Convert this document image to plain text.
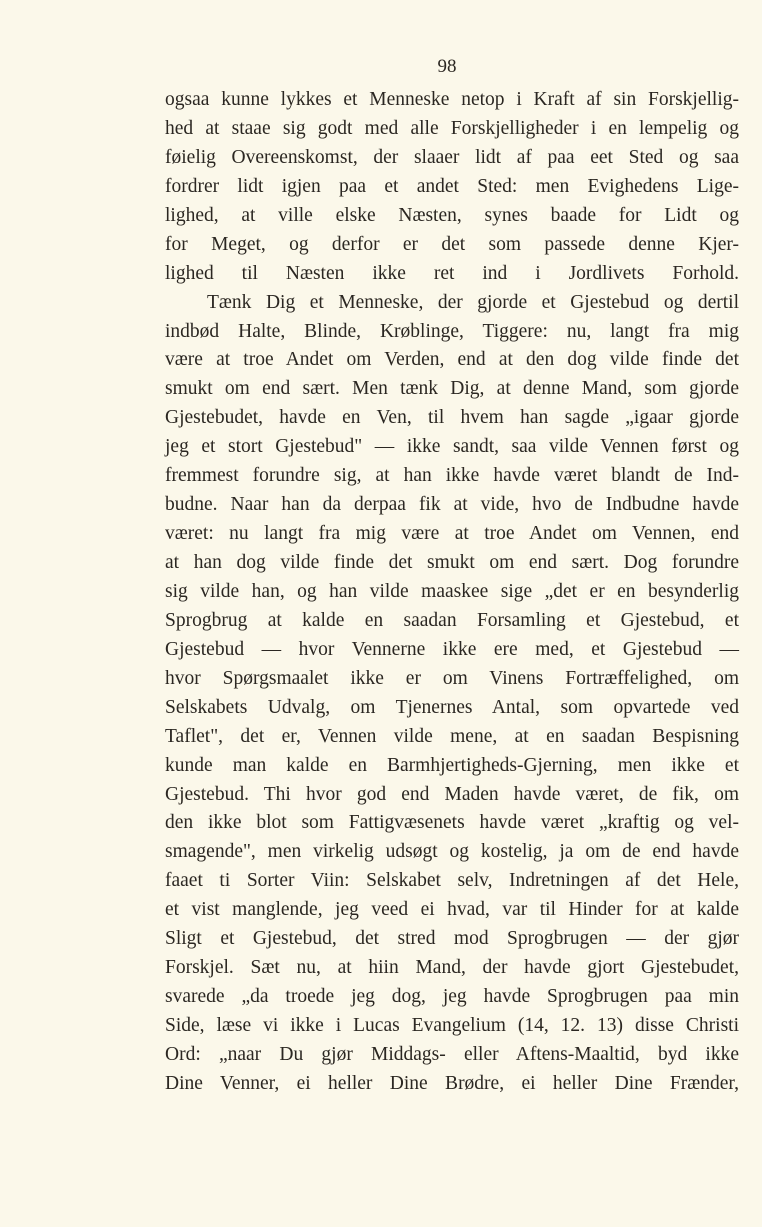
98
ogsaa kunne lykkes et Menneske netop i Kraft af sin Forskjellig-
hed at staae sig godt med alle Forskjelligheder i en lempelig og
føielig Overeenskomst, der slaaer lidt af paa eet Sted og saa
fordrer lidt igjen paa et andet Sted: men Evighedens Lige-
lighed, at ville elske Næsten, synes baade for Lidt og
for Meget, og derfor er det som passede denne Kjer-
lighed til Næsten ikke ret ind i Jordlivets Forhold.
Tænk Dig et Menneske, der gjorde et Gjestebud og dertil
indbød Halte, Blinde, Krøblinge, Tiggere: nu, langt fra mig
være at troe Andet om Verden, end at den dog vilde finde det
smukt om end sært. Men tænk Dig, at denne Mand, som gjorde
Gjestebudet, havde en Ven, til hvem han sagde „igaar gjorde
jeg et stort Gjestebud" — ikke sandt, saa vilde Vennen først og
fremmest forundre sig, at han ikke havde været blandt de Ind-
budne. Naar han da derpaa fik at vide, hvo de Indbudne havde
været: nu langt fra mig være at troe Andet om Vennen, end
at han dog vilde finde det smukt om end sært. Dog forundre
sig vilde han, og han vilde maaskee sige „det er en besynderlig
Sprogbrug at kalde en saadan Forsamling et Gjestebud, et
Gjestebud — hvor Vennerne ikke ere med, et Gjestebud —
hvor Spørgsmaalet ikke er om Vinens Fortræffelighed, om
Selskabets Udvalg, om Tjenernes Antal, som opvartede ved
Taflet", det er, Vennen vilde mene, at en saadan Bespisning
kunde man kalde en Barmhjertigheds-Gjerning, men ikke et
Gjestebud. Thi hvor god end Maden havde været, de fik, om
den ikke blot som Fattigvæsenets havde været „kraftig og vel-
smagende", men virkelig udsøgt og kostelig, ja om de end havde
faaet ti Sorter Viin: Selskabet selv, Indretningen af det Hele,
et vist manglende, jeg veed ei hvad, var til Hinder for at kalde
Sligt et Gjestebud, det stred mod Sprogbrugen — der gjør
Forskjel. Sæt nu, at hiin Mand, der havde gjort Gjestebudet,
svarede „da troede jeg dog, jeg havde Sprogbrugen paa min
Side, læse vi ikke i Lucas Evangelium (14, 12. 13) disse Christi
Ord: „naar Du gjør Middags- eller Aftens-Maaltid, byd ikke
Dine Venner, ei heller Dine Brødre, ei heller Dine Frænder,
